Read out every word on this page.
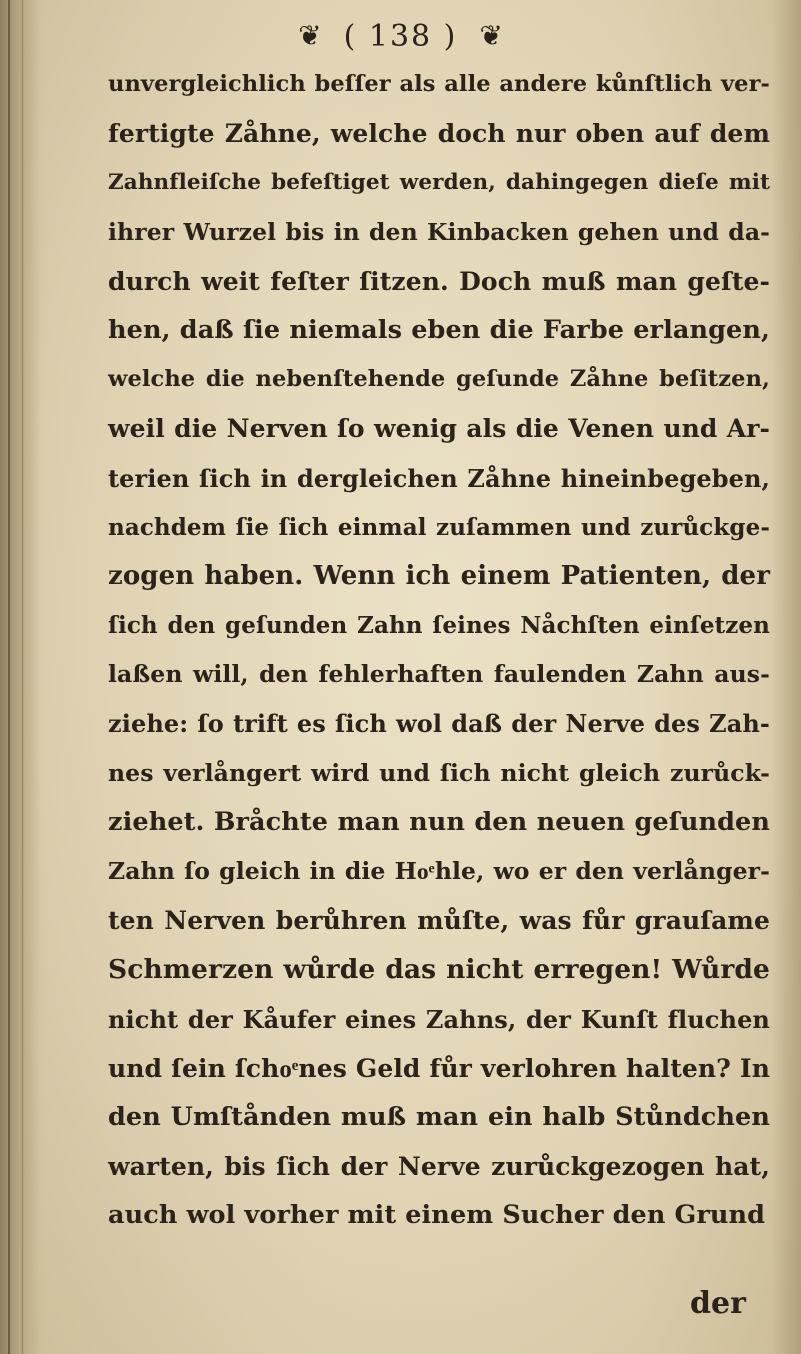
❦ ( 138 ) ❦
unvergleichlich beſſer als alle andere kůnſtlich ver-
fertigte Zåhne, welche doch nur oben auf dem
Zahnfleiſche befeſtiget werden, dahingegen dieſe mit
ihrer Wurzel bis in den Kinbacken gehen und da-
durch weit feſter ſitzen. Doch muß man geſte-
hen, daß ſie niemals eben die Farbe erlangen,
welche die nebenſtehende geſunde Zåhne beſitzen,
weil die Nerven ſo wenig als die Venen und Ar-
terien ſich in dergleichen Zåhne hineinbegeben,
nachdem ſie ſich einmal zuſammen und zurůckge-
zogen haben. Wenn ich einem Patienten, der
ſich den geſunden Zahn ſeines Nåchſten einſetzen
laßen will, den fehlerhaften faulenden Zahn aus-
ziehe: ſo trift es ſich wol daß der Nerve des Zah-
nes verlångert wird und ſich nicht gleich zurůck-
ziehet. Bråchte man nun den neuen geſunden
Zahn ſo gleich in die Hoͤhle, wo er den verlånger-
ten Nerven berůhren můſte, was fůr grauſame
Schmerzen wůrde das nicht erregen! Wůrde
nicht der Kåufer eines Zahns, der Kunſt fluchen
und ſein ſchoͤnes Geld fůr verlohren halten? In
den Umſtånden muß man ein halb Stůndchen
warten, bis ſich der Nerve zurůckgezogen hat,
auch wol vorher mit einem Sucher den Grund
der
